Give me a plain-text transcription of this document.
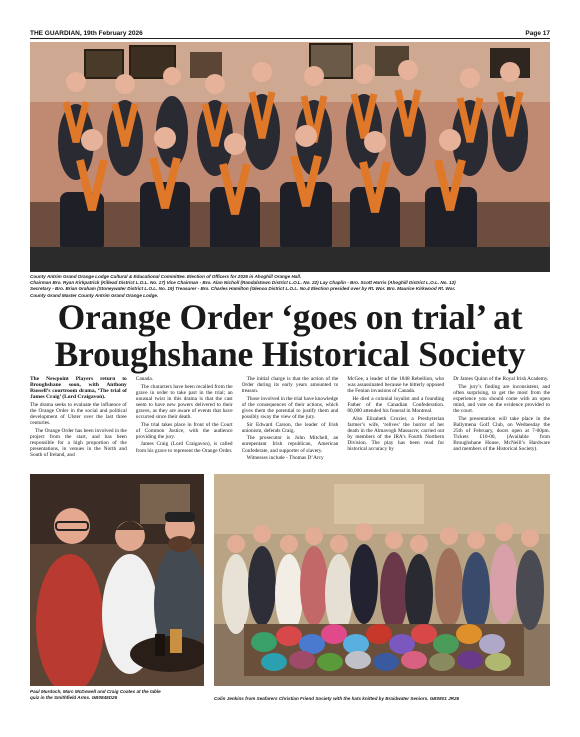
THE GUARDIAN, 19th February 2026	Page 17
County Antrim Grand Orange Lodge Cultural & Educational Committee. Election of Officers for 2026 in Ahoghill Orange Hall.
Chairman Bro. Ryan Kirkpatrick (Killead District L.O.L. No. 17) Vice Chairman - Bro. Alan Nicholl (Randalstown District L.O.L. No. 22) Lay Chaplin - Bro. Scott Harris (Ahoghill District L.O.L. No. 12)
Secretary - Bro. Brian Graham (Stoneywater District L.O.L. No. 19) Treasurer - Bro. Charles Hamilton (Glenoa District L.O.L. No.4 Election presided over by Rt. Wor. Bro. Maurice Kirkwood Rt. Wor.
County Grand Master County Antrim Grand Orange Lodge.
Orange Order ‘goes on trial’ at
Broughshane Historical Society

The Newpoint Players return to Broughshane soon, with Anthony Russell’s courtroom drama, ‘The trial of James Craig’ (Lord Craigavon).

The drama seeks to evaluate the influence of the Orange Order in the social and political development of Ulster over the last three centuries.

The Orange Order has been involved in the project from the start, and has been responsible for a high proportion of the presentations, in venues in the North and South of Ireland, and

Canada.

The characters have been recalled from the grave in order to take part in the trial; an unusual twist in this drama is that the cast seem to have new powers delivered to their graves, as they are aware of events that have occurred since their death.

The trial takes place in front of the Court of Common Justice, with the audience providing the jury.

James Craig (Lord Craigavon), is called from his grave to represent the Orange Order.

The initial charge is that the action of the Order during its early years amounted to treason.

Those involved in the trial have knowledge of the consequences of their actions, which gives them the potential to justify them and possibly sway the view of the jury.

Sir Edward Carson, the leader of Irish unionism, defends Craig.

The prosecutor is John Mitchell, an unrepentant Irish republican, American Confederate, and supporter of slavery.

Witnesses include - Thomas D’Arcy

McGee, a leader of the 1848 Rebellion, who was assassinated because he bitterly opposed the Fenian invasions of Canada.

He died a colonial loyalist and a founding Father of the Canadian Confederation. 80,000 attended his funeral in Montreal.

Also Elizabeth Crozier, a Presbyterian farmer’s wife, ‘relives’ the horror of her death in the Almavogh Massacre; carried out by members of the IRA’s Fourth Northern Division. The play has been read for historical accuracy by

Dr James Quinn of the Royal Irish Academy.

The jury’s finding are inconsistent, and often surprising, to get the most from the experience you should come with an open mind, and vote on the evidence provided to the court.

The presentation will take place in the Ballymena Golf Club, on Wednesday the 25th of February, doors open at 7-00pm. Tickets £10-00, (Available from Broughshane House, McNeill’s Hardware and members of the Historical Society).

Paul Murdoch, Marc McDowell and Craig Coates at the table
quiz in the Smithfield Arms. GB0845D26	Colin Jenkins from Seafarers Christian Friend Society with the hats knitted by Braidwater Seniors. GB0801 JR26
